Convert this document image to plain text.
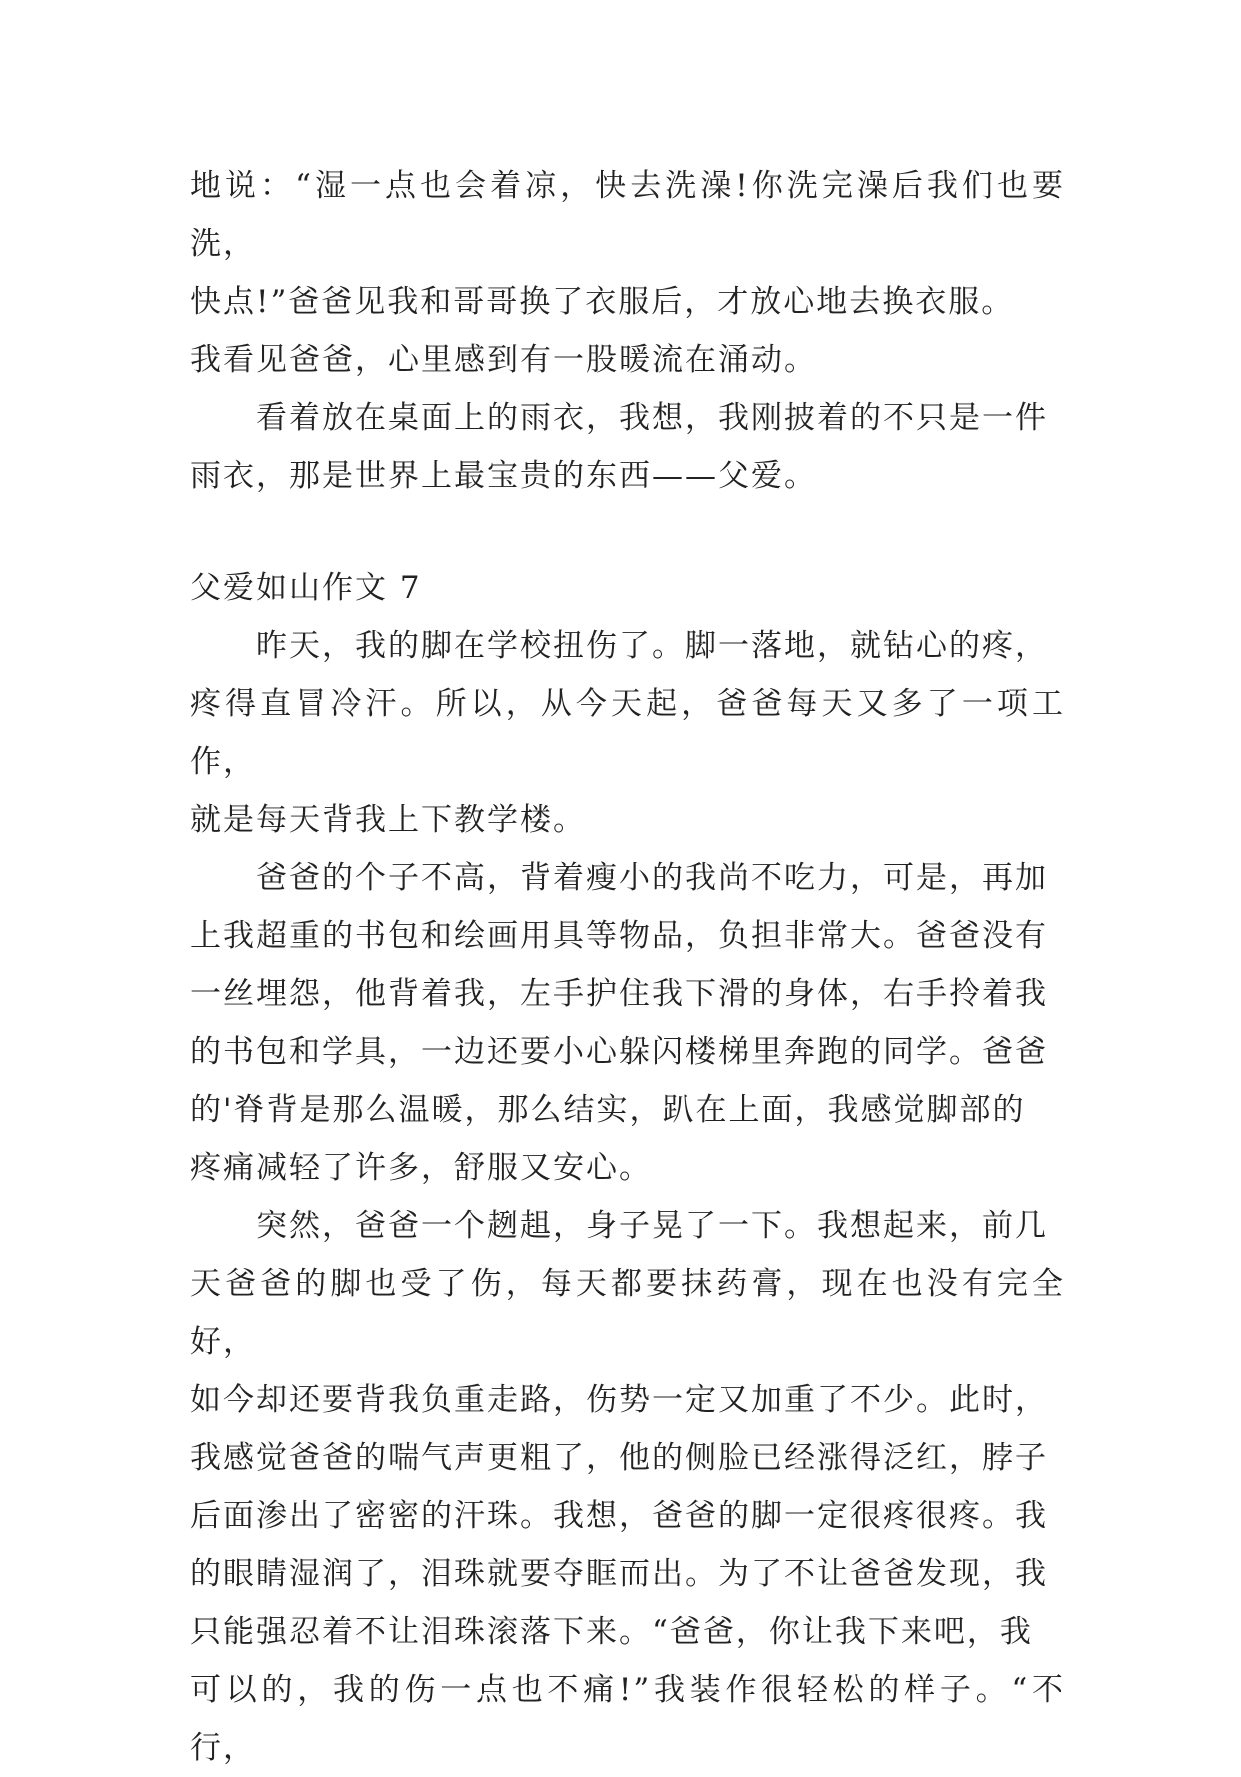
地说：“湿一点也会着凉，快去洗澡!你洗完澡后我们也要洗，
快点!”爸爸见我和哥哥换了衣服后，才放心地去换衣服。
我看见爸爸，心里感到有一股暖流在涌动。

看着放在桌面上的雨衣，我想，我刚披着的不只是一件
雨衣，那是世界上最宝贵的东西——父爱。

父爱如山作文 7

昨天，我的脚在学校扭伤了。脚一落地，就钻心的疼，
疼得直冒冷汗。所以，从今天起，爸爸每天又多了一项工作，
就是每天背我上下教学楼。

爸爸的个子不高，背着瘦小的我尚不吃力，可是，再加
上我超重的书包和绘画用具等物品，负担非常大。爸爸没有
一丝埋怨，他背着我，左手护住我下滑的身体，右手拎着我
的书包和学具，一边还要小心躲闪楼梯里奔跑的同学。爸爸
的'脊背是那么温暖，那么结实，趴在上面，我感觉脚部的
疼痛减轻了许多，舒服又安心。

突然，爸爸一个趔趄，身子晃了一下。我想起来，前几
天爸爸的脚也受了伤，每天都要抹药膏，现在也没有完全好，
如今却还要背我负重走路，伤势一定又加重了不少。此时，
我感觉爸爸的喘气声更粗了，他的侧脸已经涨得泛红，脖子
后面渗出了密密的汗珠。我想，爸爸的脚一定很疼很疼。我
的眼睛湿润了，泪珠就要夺眶而出。为了不让爸爸发现，我
只能强忍着不让泪珠滚落下来。“爸爸，你让我下来吧，我
可以的，我的伤一点也不痛!”我装作很轻松的样子。“不行，
